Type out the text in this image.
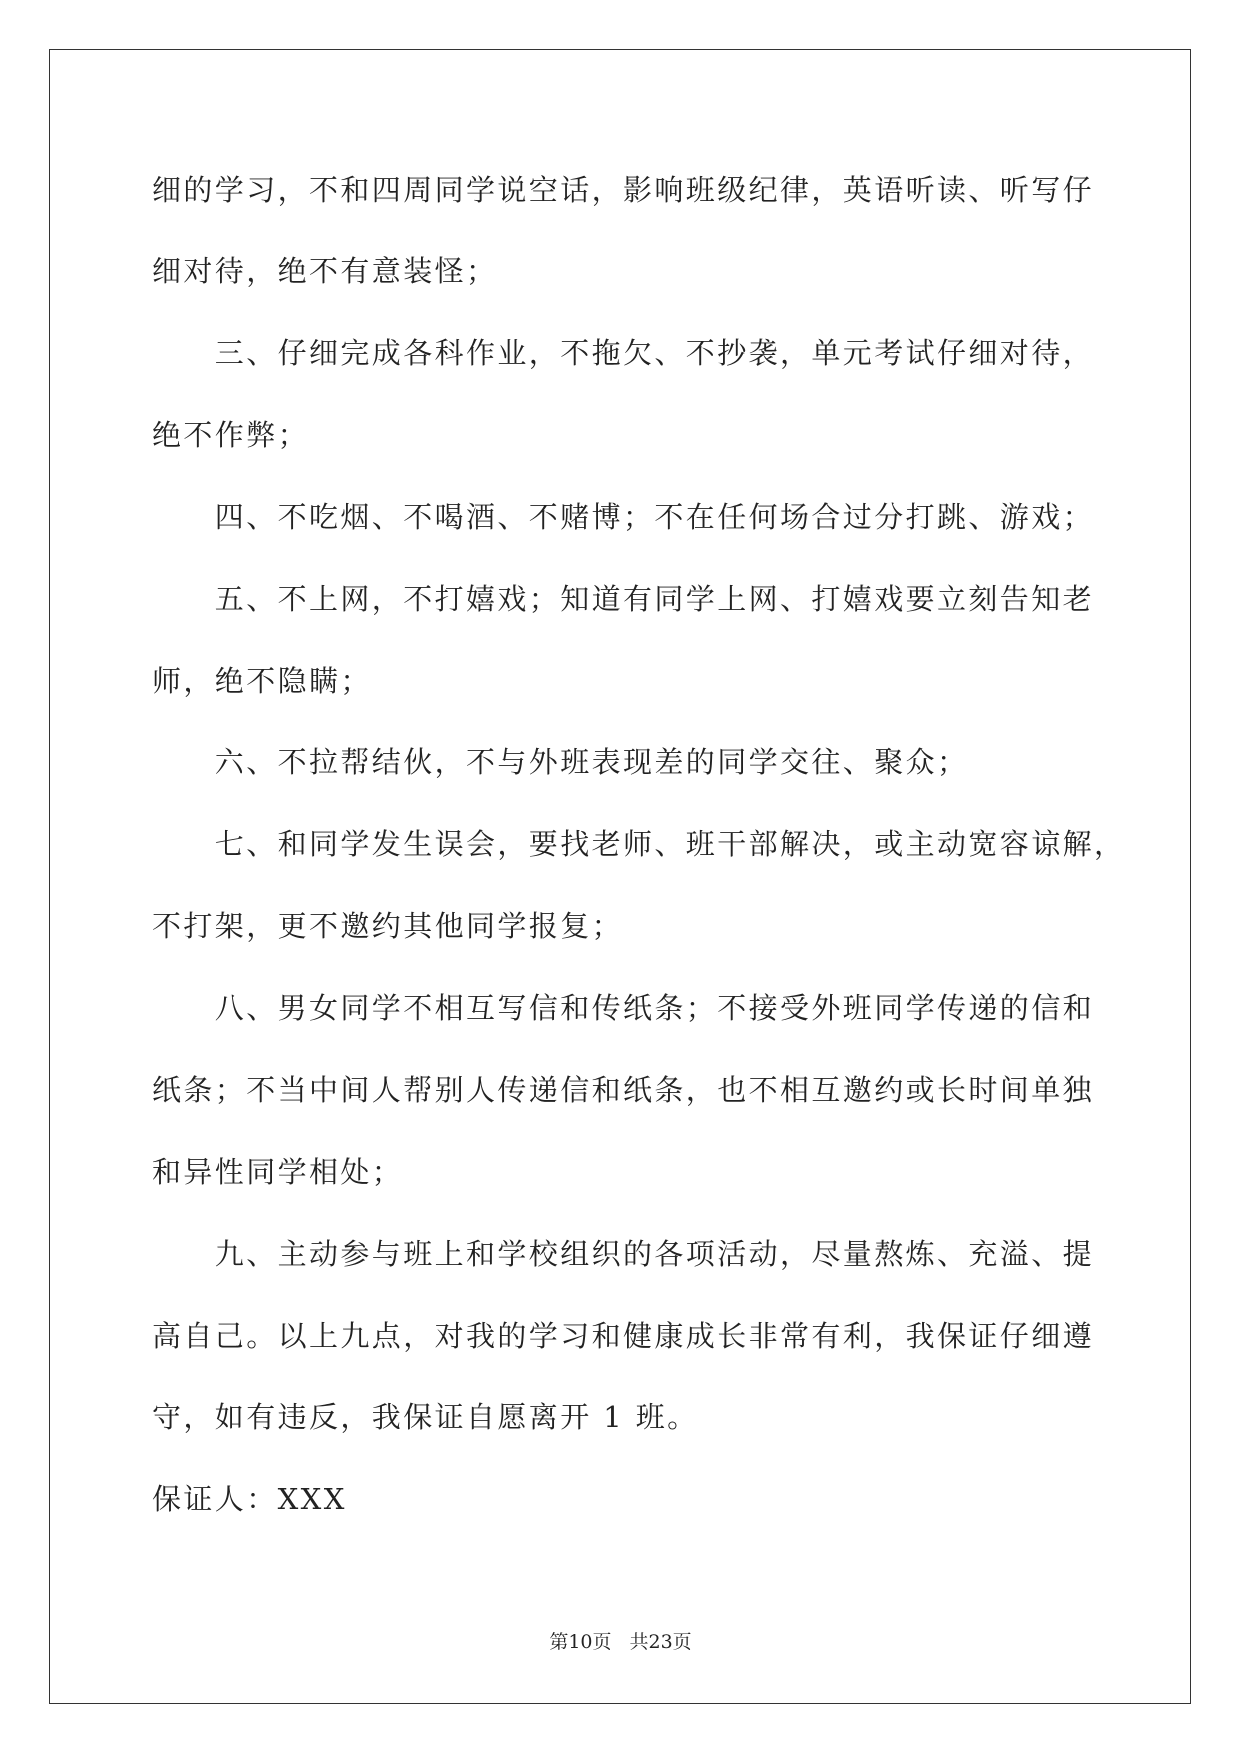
细的学习，不和四周同学说空话，影响班级纪律，英语听读、听写仔
细对待，绝不有意装怪；
　　三、仔细完成各科作业，不拖欠、不抄袭，单元考试仔细对待，
绝不作弊；
　　四、不吃烟、不喝酒、不赌博；不在任何场合过分打跳、游戏；
　　五、不上网，不打嬉戏；知道有同学上网、打嬉戏要立刻告知老
师，绝不隐瞒；
　　六、不拉帮结伙，不与外班表现差的同学交往、聚众；
　　七、和同学发生误会，要找老师、班干部解决，或主动宽容谅解，
不打架，更不邀约其他同学报复；
　　八、男女同学不相互写信和传纸条；不接受外班同学传递的信和
纸条；不当中间人帮别人传递信和纸条，也不相互邀约或长时间单独
和异性同学相处；
　　九、主动参与班上和学校组织的各项活动，尽量熬炼、充溢、提
高自己。以上九点，对我的学习和健康成长非常有利，我保证仔细遵
守，如有违反，我保证自愿离开 1 班。
保证人：XXX
第10页 共23页
